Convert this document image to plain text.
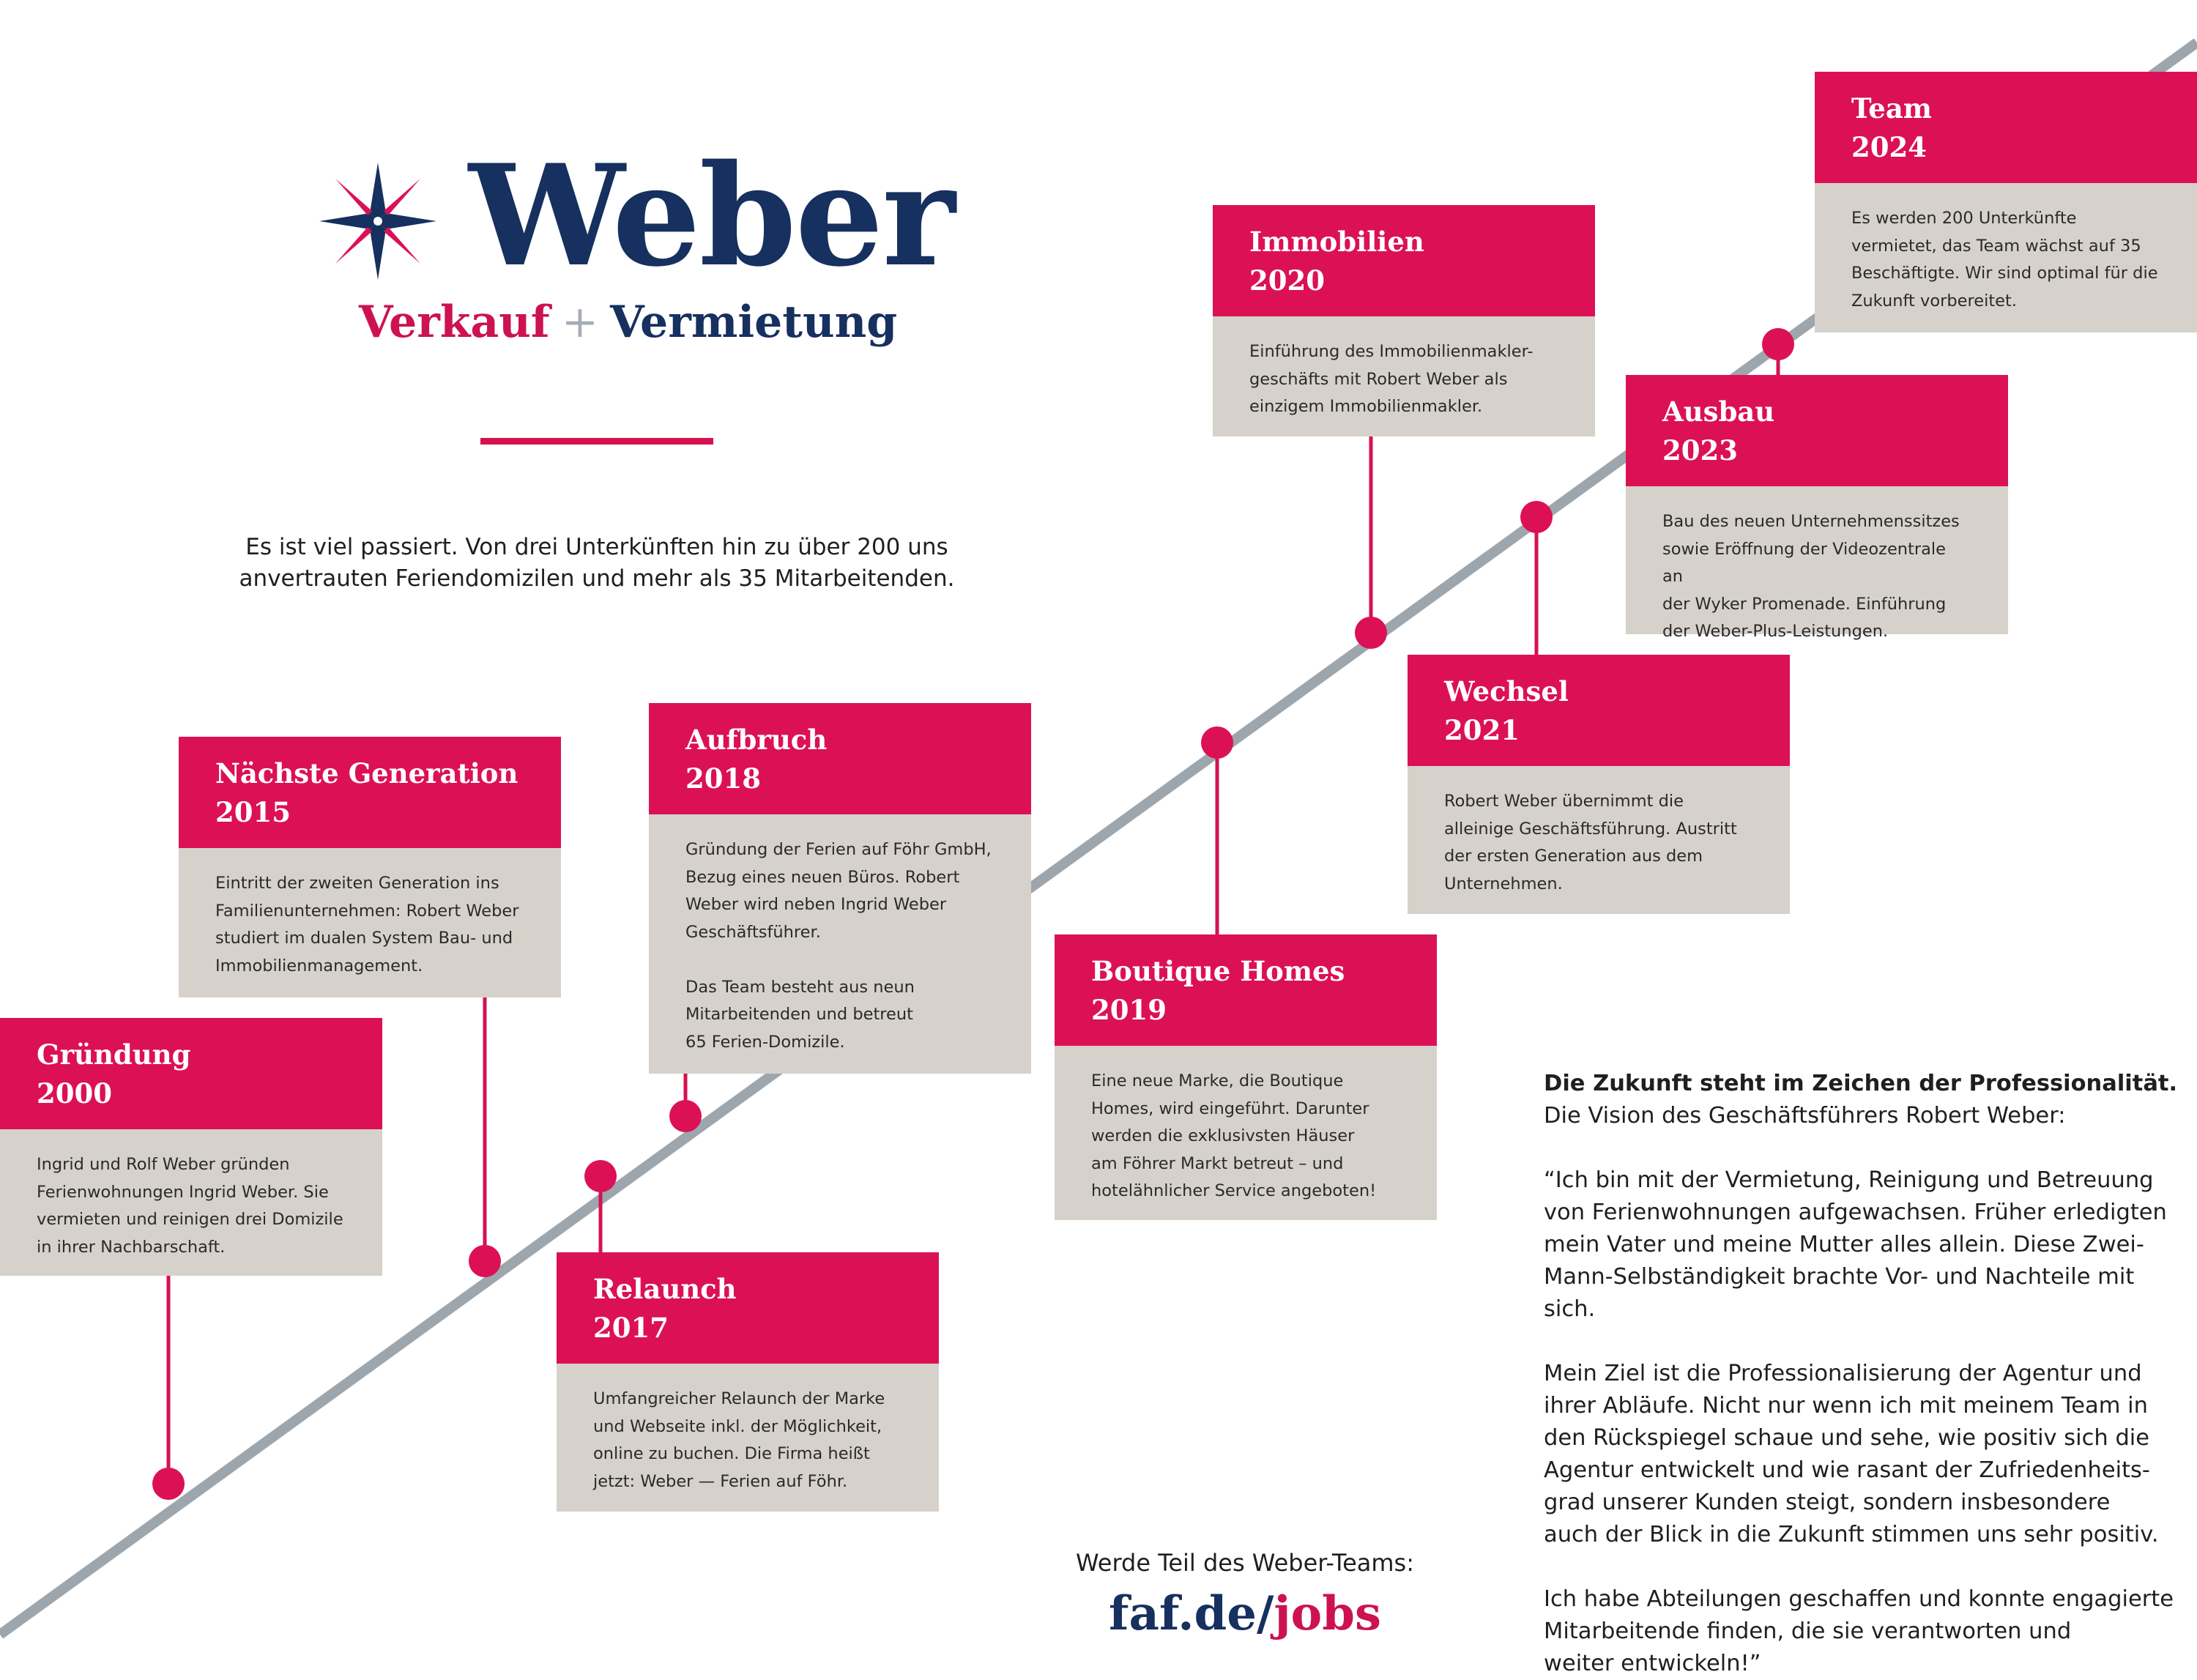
Weber
Verkauf + Vermietung
Es ist viel passiert. Von drei Unterkünften hin zu über 200 uns anvertrauten Feriendomizilen und mehr als 35 Mitarbeitenden.
Gründung
2000
Ingrid und Rolf Weber gründen
Ferienwohnungen Ingrid Weber. Sie
vermieten und reinigen drei Domizile
in ihrer Nachbarschaft.
Nächste Generation
2015
Eintritt der zweiten Generation ins
Familienunternehmen: Robert Weber
studiert im dualen System Bau- und
Immobilienmanagement.
Relaunch
2017
Umfangreicher Relaunch der Marke
und Webseite inkl. der Möglichkeit,
online zu buchen. Die Firma heißt
jetzt: Weber — Ferien auf Föhr.
Aufbruch
2018
Gründung der Ferien auf Föhr GmbH,
Bezug eines neuen Büros. Robert
Weber wird neben Ingrid Weber
Geschäftsführer.

Das Team besteht aus neun
Mitarbeitenden und betreut
65 Ferien-Domizile.
Boutique Homes
2019
Eine neue Marke, die Boutique
Homes, wird eingeführt. Darunter
werden die exklusivsten Häuser
am Föhrer Markt betreut – und
hotelähnlicher Service angeboten!
Immobilien
2020
Einführung des Immobilienmakler-
geschäfts mit Robert Weber als
einzigem Immobilienmakler.
Wechsel
2021
Robert Weber übernimmt die
alleinige Geschäftsführung. Austritt
der ersten Generation aus dem
Unternehmen.
Ausbau
2023
Bau des neuen Unternehmenssitzes
sowie Eröffnung der Videozentrale an
der Wyker Promenade. Einführung
der Weber-Plus-Leistungen.
Team
2024
Es werden 200 Unterkünfte
vermietet, das Team wächst auf 35
Beschäftigte. Wir sind optimal für die
Zukunft vorbereitet.

Die Zukunft steht im Zeichen der Professionalität.

Die Vision des Geschäftsführers Robert Weber:

“Ich bin mit der Vermietung, Reinigung und Betreuung
von Ferienwohnungen aufgewachsen. Früher erledigten
mein Vater und meine Mutter alles allein. Diese Zwei-
Mann-Selbständigkeit brachte Vor- und Nachteile mit sich.

Mein Ziel ist die Professionalisierung der Agentur und
ihrer Abläufe. Nicht nur wenn ich mit meinem Team in
den Rückspiegel schaue und sehe, wie positiv sich die
Agentur entwickelt und wie rasant der Zufriedenheits-
grad unserer Kunden steigt, sondern insbesondere
auch der Blick in die Zukunft stimmen uns sehr positiv.

Ich habe Abteilungen geschaffen und konnte engagierte
Mitarbeitende finden, die sie verantworten und
weiter entwickeln!”

Werde Teil des Weber-Teams:
faf.de/jobs
